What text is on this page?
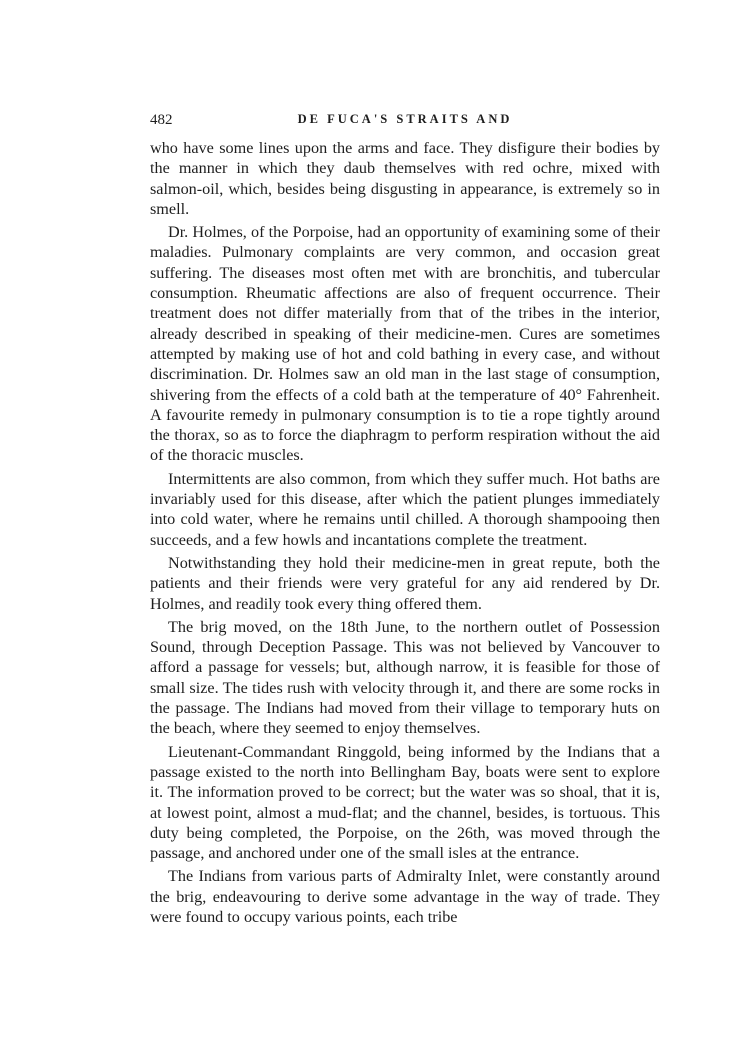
482	DE FUCA'S STRAITS AND

who have some lines upon the arms and face. They disfigure their bodies by the manner in which they daub themselves with red ochre, mixed with salmon-oil, which, besides being disgusting in appearance, is extremely so in smell.

Dr. Holmes, of the Porpoise, had an opportunity of examining some of their maladies. Pulmonary complaints are very common, and occasion great suffering. The diseases most often met with are bronchitis, and tubercular consumption. Rheumatic affections are also of frequent occurrence. Their treatment does not differ materially from that of the tribes in the interior, already described in speaking of their medicine-men. Cures are sometimes attempted by making use of hot and cold bathing in every case, and without discrimination. Dr. Holmes saw an old man in the last stage of consumption, shivering from the effects of a cold bath at the temperature of 40° Fahrenheit. A favourite remedy in pulmonary consumption is to tie a rope tightly around the thorax, so as to force the diaphragm to perform respiration without the aid of the thoracic muscles.

Intermittents are also common, from which they suffer much. Hot baths are invariably used for this disease, after which the patient plunges immediately into cold water, where he remains until chilled. A thorough shampooing then succeeds, and a few howls and incantations complete the treatment.

Notwithstanding they hold their medicine-men in great repute, both the patients and their friends were very grateful for any aid rendered by Dr. Holmes, and readily took every thing offered them.

The brig moved, on the 18th June, to the northern outlet of Possession Sound, through Deception Passage. This was not believed by Vancouver to afford a passage for vessels; but, although narrow, it is feasible for those of small size. The tides rush with velocity through it, and there are some rocks in the passage. The Indians had moved from their village to temporary huts on the beach, where they seemed to enjoy themselves.

Lieutenant-Commandant Ringgold, being informed by the Indians that a passage existed to the north into Bellingham Bay, boats were sent to explore it. The information proved to be correct; but the water was so shoal, that it is, at lowest point, almost a mud-flat; and the channel, besides, is tortuous. This duty being completed, the Porpoise, on the 26th, was moved through the passage, and anchored under one of the small isles at the entrance.

The Indians from various parts of Admiralty Inlet, were constantly around the brig, endeavouring to derive some advantage in the way of trade. They were found to occupy various points, each tribe
